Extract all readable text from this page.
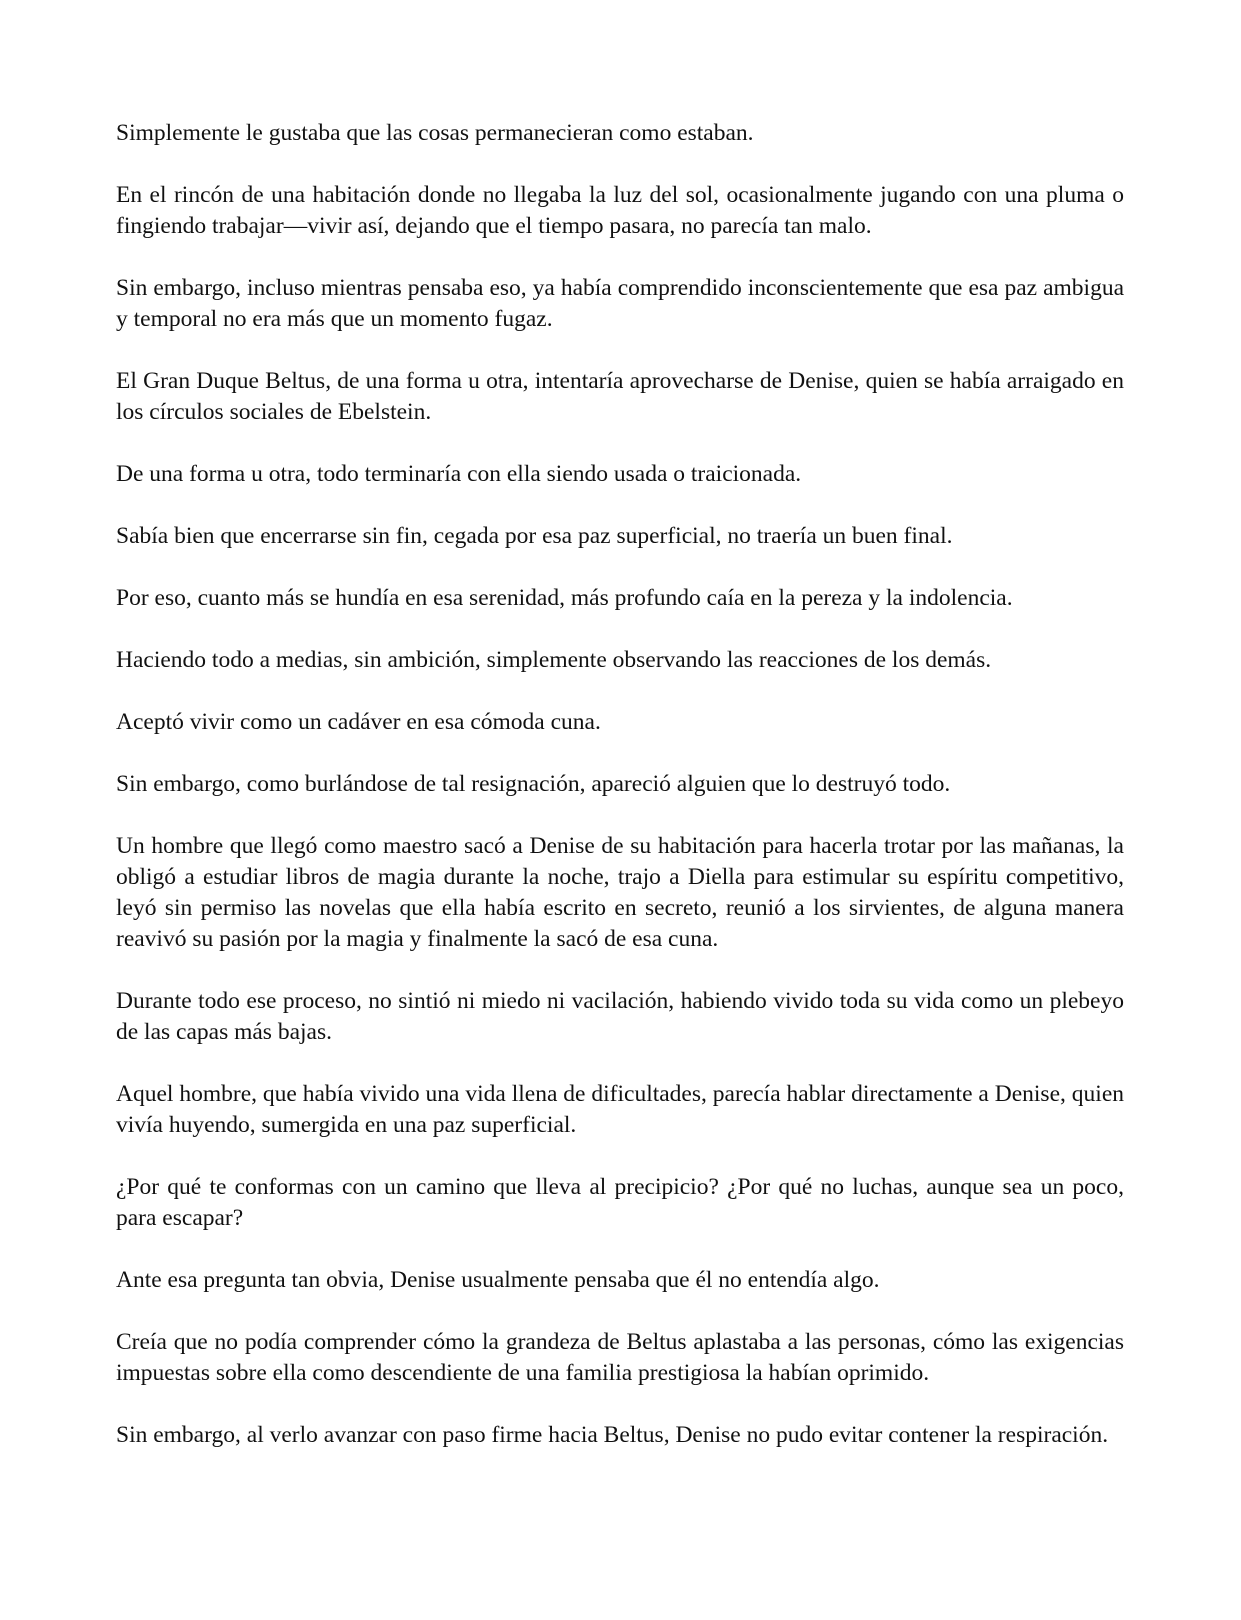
Simplemente le gustaba que las cosas permanecieran como estaban.

En el rincón de una habitación donde no llegaba la luz del sol, ocasionalmente jugando con una pluma o fingiendo trabajar—vivir así, dejando que el tiempo pasara, no parecía tan malo.

Sin embargo, incluso mientras pensaba eso, ya había comprendido inconscientemente que esa paz ambigua y temporal no era más que un momento fugaz.

El Gran Duque Beltus, de una forma u otra, intentaría aprovecharse de Denise, quien se había arraigado en los círculos sociales de Ebelstein.

De una forma u otra, todo terminaría con ella siendo usada o traicionada.

Sabía bien que encerrarse sin fin, cegada por esa paz superficial, no traería un buen final.

Por eso, cuanto más se hundía en esa serenidad, más profundo caía en la pereza y la indolencia.

Haciendo todo a medias, sin ambición, simplemente observando las reacciones de los demás.

Aceptó vivir como un cadáver en esa cómoda cuna.

Sin embargo, como burlándose de tal resignación, apareció alguien que lo destruyó todo.

Un hombre que llegó como maestro sacó a Denise de su habitación para hacerla trotar por las mañanas, la obligó a estudiar libros de magia durante la noche, trajo a Diella para estimular su espíritu competitivo, leyó sin permiso las novelas que ella había escrito en secreto, reunió a los sirvientes, de alguna manera reavivó su pasión por la magia y finalmente la sacó de esa cuna.

Durante todo ese proceso, no sintió ni miedo ni vacilación, habiendo vivido toda su vida como un plebeyo de las capas más bajas.

Aquel hombre, que había vivido una vida llena de dificultades, parecía hablar directamente a Denise, quien vivía huyendo, sumergida en una paz superficial.

¿Por qué te conformas con un camino que lleva al precipicio? ¿Por qué no luchas, aunque sea un poco, para escapar?

Ante esa pregunta tan obvia, Denise usualmente pensaba que él no entendía algo.

Creía que no podía comprender cómo la grandeza de Beltus aplastaba a las personas, cómo las exigencias impuestas sobre ella como descendiente de una familia prestigiosa la habían oprimido.

Sin embargo, al verlo avanzar con paso firme hacia Beltus, Denise no pudo evitar contener la respiración.
